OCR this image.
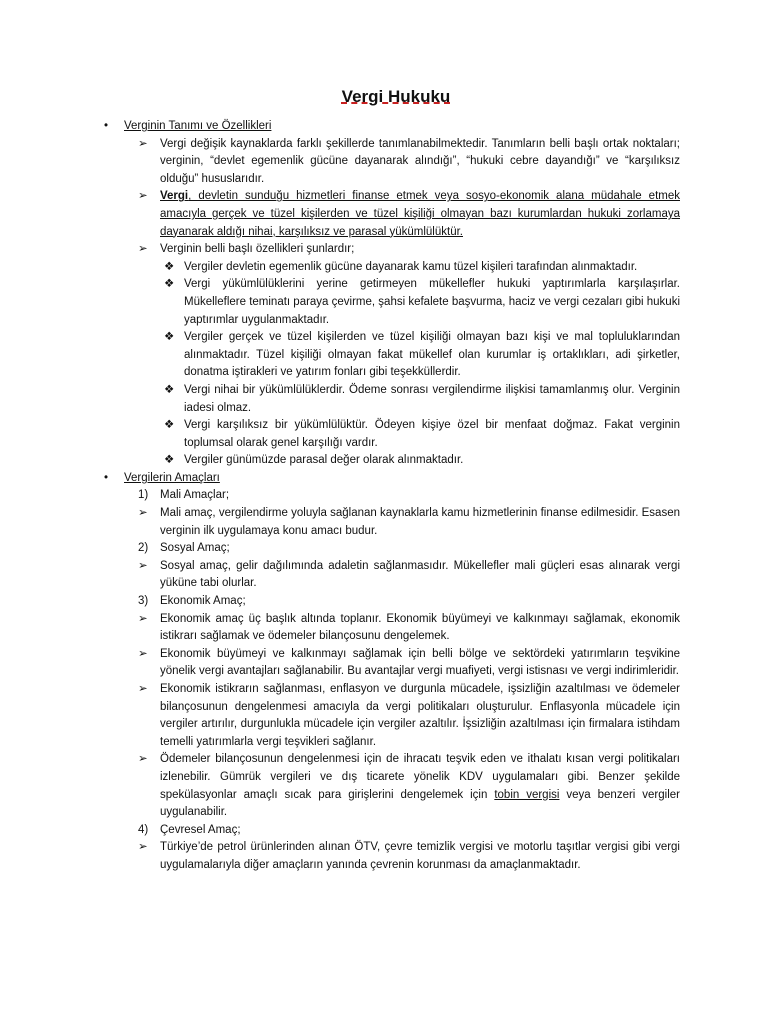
Vergi Hukuku
•	Verginin Tanımı ve Özellikleri
➢	Vergi değişik kaynaklarda farklı şekillerde tanımlanabilmektedir. Tanımların belli başlı ortak noktaları; verginin, “devlet egemenlik gücüne dayanarak alındığı”, “hukuki cebre dayandığı” ve “karşılıksız olduğu” hususlarıdır.
➢	Vergi, devletin sunduğu hizmetleri finanse etmek veya sosyo-ekonomik alana müdahale etmek amacıyla gerçek ve tüzel kişilerden ve tüzel kişiliği olmayan bazı kurumlardan hukuki zorlamaya dayanarak aldığı nihai, karşılıksız ve parasal yükümlülüktür.
➢	Verginin belli başlı özellikleri şunlardır;
❖ Vergiler devletin egemenlik gücüne dayanarak kamu tüzel kişileri tarafından alınmaktadır.
❖ Vergi yükümlülüklerini yerine getirmeyen mükellefler hukuki yaptırımlarla karşılaşırlar. Mükelleflere teminatı paraya çevirme, şahsi kefalete başvurma, haciz ve vergi cezaları gibi hukuki yaptırımlar uygulanmaktadır.
❖ Vergiler gerçek ve tüzel kişilerden ve tüzel kişiliği olmayan bazı kişi ve mal topluluklarından alınmaktadır. Tüzel kişiliği olmayan fakat mükellef olan kurumlar iş ortaklıkları, adi şirketler, donatma iştirakleri ve yatırım fonları gibi teşekküllerdir.
❖ Vergi nihai bir yükümlülüklerdir. Ödeme sonrası vergilendirme ilişkisi tamamlanmış olur. Verginin iadesi olmaz.
❖ Vergi karşılıksız bir yükümlülüktür. Ödeyen kişiye özel bir menfaat doğmaz. Fakat verginin toplumsal olarak genel karşılığı vardır.
❖ Vergiler günümüzde parasal değer olarak alınmaktadır.
•	Vergilerin Amaçları
1)	Mali Amaçlar;
➢	Mali amaç, vergilendirme yoluyla sağlanan kaynaklarla kamu hizmetlerinin finanse edilmesidir. Esasen verginin ilk uygulamaya konu amacı budur.
2)	Sosyal Amaç;
➢	Sosyal amaç, gelir dağılımında adaletin sağlanmasıdır. Mükellefler mali güçleri esas alınarak vergi yüküne tabi olurlar.
3)	Ekonomik Amaç;
➢	Ekonomik amaç üç başlık altında toplanır. Ekonomik büyümeyi ve kalkınmayı sağlamak, ekonomik istikrarı sağlamak ve ödemeler bilançosunu dengelemek.
➢	Ekonomik büyümeyi ve kalkınmayı sağlamak için belli bölge ve sektördeki yatırımların teşvikine yönelik vergi avantajları sağlanabilir. Bu avantajlar vergi muafiyeti, vergi istisnası ve vergi indirimleridir.
➢	Ekonomik istikrarın sağlanması, enflasyon ve durgunla mücadele, işsizliğin azaltılması ve ödemeler bilançosunun dengelenmesi amacıyla da vergi politikaları oluşturulur. Enflasyonla mücadele için vergiler artırılır, durgunlukla mücadele için vergiler azaltılır. İşsizliğin azaltılması için firmalara istihdam temelli yatırımlarla vergi teşvikleri sağlanır.
➢	Ödemeler bilançosunun dengelenmesi için de ihracatı teşvik eden ve ithalatı kısan vergi politikaları izlenebilir. Gümrük vergileri ve dış ticarete yönelik KDV uygulamaları gibi. Benzer şekilde spekülasyonlar amaçlı sıcak para girişlerini dengelemek için tobin vergisi veya benzeri vergiler uygulanabilir.
4)	Çevresel Amaç;
➢	Türkiye’de petrol ürünlerinden alınan ÖTV, çevre temizlik vergisi ve motorlu taşıtlar vergisi gibi vergi uygulamalarıyla diğer amaçların yanında çevrenin korunması da amaçlanmaktadır.
